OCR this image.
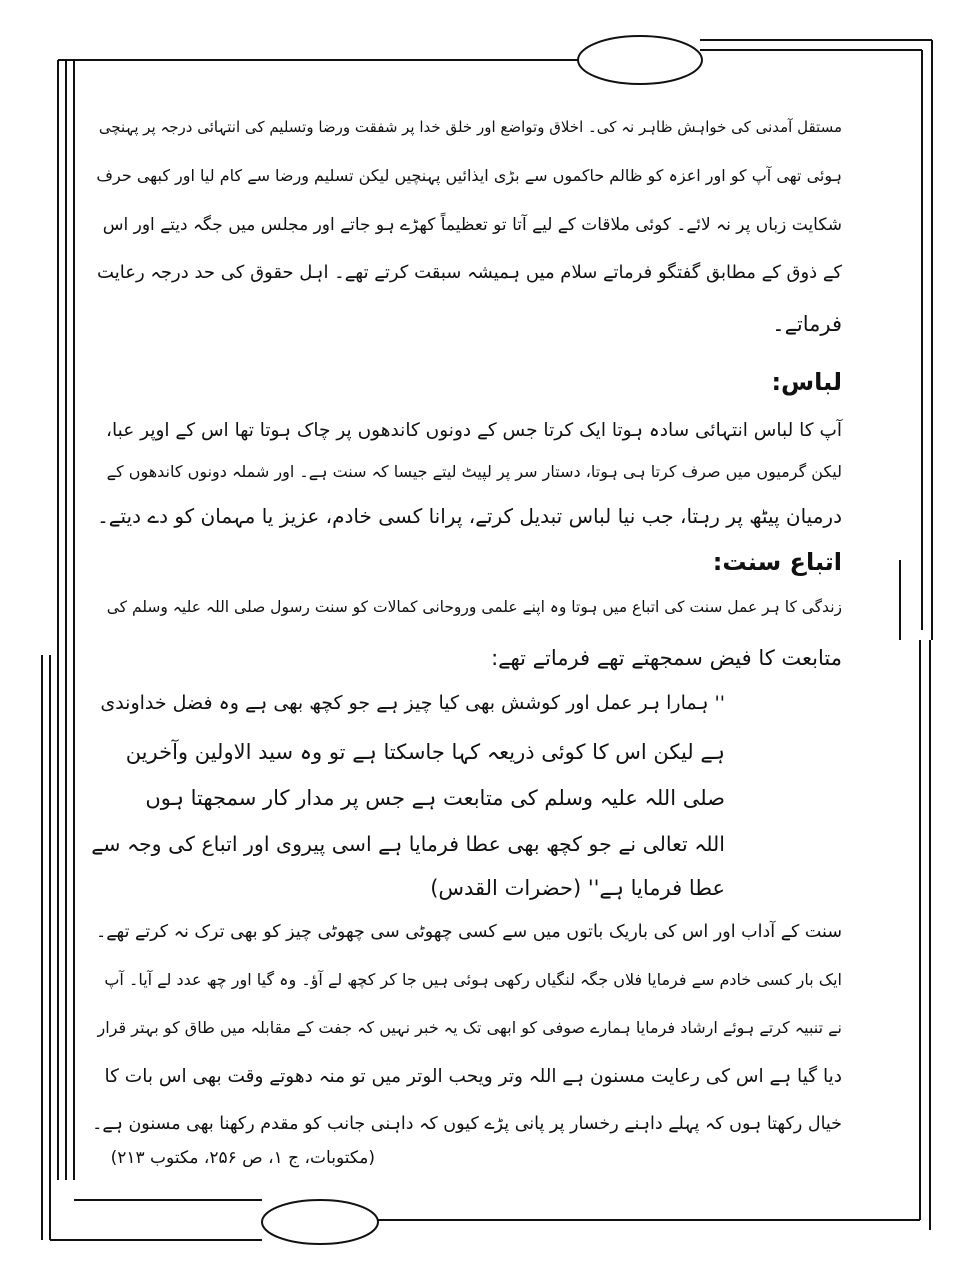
مستقل آمدنی کی خواہش ظاہر نہ کی۔ اخلاق وتواضع اور خلق خدا پر شفقت ورضا وتسلیم کی انتہائی درجہ پر پہنچی
ہوئی تھی آپ کو اور اعزہ کو ظالم حاکموں سے بڑی ایذائیں پہنچیں لیکن تسلیم ورضا سے کام لیا اور کبھی حرف
شکایت زباں پر نہ لائے۔ کوئی ملاقات کے لیے آتا تو تعظیماً کھڑے ہو جاتے اور مجلس میں جگہ دیتے اور اس
کے ذوق کے مطابق گفتگو فرماتے سلام میں ہمیشہ سبقت کرتے تھے۔ اہل حقوق کی حد درجہ رعایت
فرماتے۔
لباس:
آپ کا لباس انتہائی سادہ ہوتا ایک کرتا جس کے دونوں کاندھوں پر چاک ہوتا تھا اس کے اوپر عبا،
لیکن گرمیوں میں صرف کرتا ہی ہوتا، دستار سر پر لپیٹ لیتے جیسا کہ سنت ہے۔ اور شملہ دونوں کاندھوں کے
درمیان پیٹھ پر رہتا، جب نیا لباس تبدیل کرتے، پرانا کسی خادم، عزیز یا مہمان کو دے دیتے۔
اتباع سنت:
زندگی کا ہر عمل سنت کی اتباع میں ہوتا وہ اپنے علمی وروحانی کمالات کو سنت رسول صلی اللہ علیہ وسلم کی
متابعت کا فیض سمجھتے تھے فرماتے تھے:
'' ہمارا ہر عمل اور کوشش بھی کیا چیز ہے جو کچھ بھی ہے وہ فضل خداوندی
ہے لیکن اس کا کوئی ذریعہ کہا جاسکتا ہے تو وہ سید الاولین وآخرین
صلی اللہ علیہ وسلم کی متابعت ہے جس پر مدار کار سمجھتا ہوں
اللہ تعالی نے جو کچھ بھی عطا فرمایا ہے اسی پیروی اور اتباع کی وجہ سے
عطا فرمایا ہے'' (حضرات القدس)
سنت کے آداب اور اس کی باریک باتوں میں سے کسی چھوٹی سی چھوٹی چیز کو بھی ترک نہ کرتے تھے۔
ایک بار کسی خادم سے فرمایا فلاں جگہ لنگیاں رکھی ہوئی ہیں جا کر کچھ لے آؤ۔ وہ گیا اور چھ عدد لے آیا۔ آپ
نے تنبیہ کرتے ہوئے ارشاد فرمایا ہمارے صوفی کو ابھی تک یہ خبر نہیں کہ جفت کے مقابلہ میں طاق کو بہتر قرار
دیا گیا ہے اس کی رعایت مسنون ہے اللہ وتر ویحب الوتر میں تو منہ دھوتے وقت بھی اس بات کا
خیال رکھتا ہوں کہ پہلے داہنے رخسار پر پانی پڑے کیوں کہ داہنی جانب کو مقدم رکھنا بھی مسنون ہے۔
(مکتوبات، ج ۱، ص ۲۵۶، مکتوب ۲۱۳)
